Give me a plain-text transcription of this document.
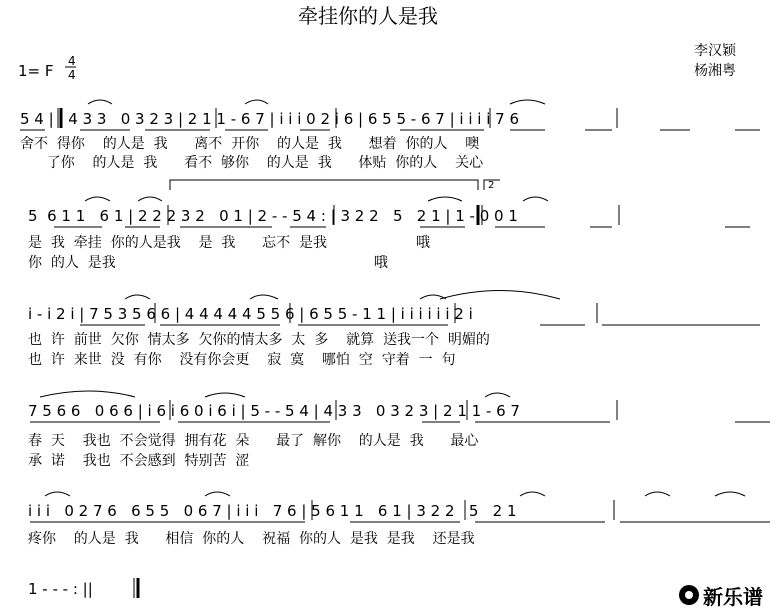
牵挂你的人是我
李汉颖
杨湘粤
1= F
4
4
5 4 | : 4 3 3   0 3 2 3 | 2 1 1 - 6 7 | i i i 0 2 i 6 | 6 5 5 - 6 7 | i i i i 7 6
舍不  得你    的人是  我      离不  开你    的人是  我      想着  你的人    噢
了你    的人是  我      看不  够你    的人是  我      体贴  你的人    关心
2
5  6 1 1   6 1 | 2 2 2 3 2   0 1 | 2 - - 5 4 : | 3 2 2   5   2 1 | 1 - 0 0 1
是  我  牵挂  你的人是我    是  我      忘不  是我                    哦
你  的人  是我                                                          哦
i - i 2 i | 7 5 3 5 6 6 | 4 4 4 4 4 5 5 6 | 6 5 5 - 1 1 | i i i i i i 2 i
也  许  前世  欠你  情太多  欠你的情太多  太  多    就算  送我一个  明媚的
也  许  来世  没  有你    没有你会更    寂  寞    哪怕  空  守着  一  句
7 5 6 6   0 6 6 | i 6 i 6 0 i 6 i | 5 - - 5 4 | 4 3 3   0 3 2 3 | 2 1 1 - 6 7
春  天    我也  不会觉得  拥有花  朵      最了  解你    的人是  我      最心
承  诺    我也  不会感到  特别苦  涩
i i i   0 2 7 6   6 5 5   0 6 7 | i i i   7 6 | 5 6 1 1   6 1 | 3 2 2   5   2 1
疼你    的人是  我      相信  你的人    祝福  你的人  是我  是我    还是我
1 - - - : ||	新乐谱
